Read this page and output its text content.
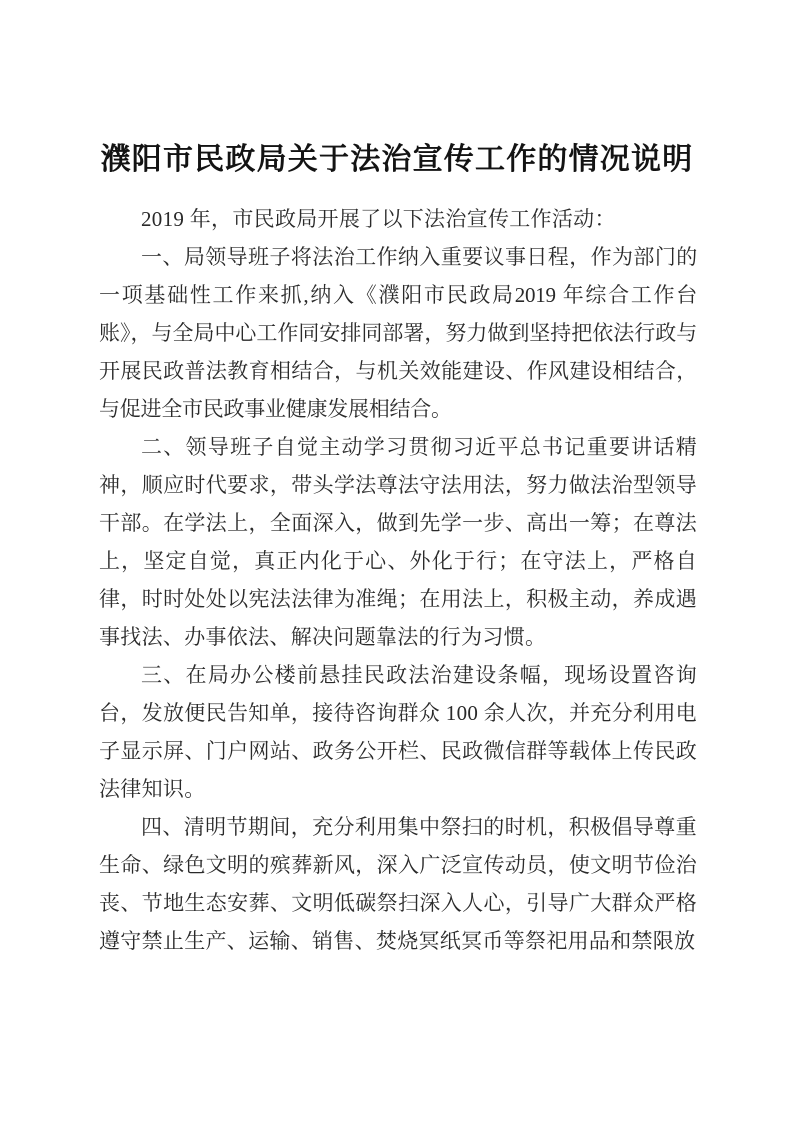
濮阳市民政局关于法治宣传工作的情况说明

2019 年，市民政局开展了以下法治宣传工作活动：

一、局领导班子将法治工作纳入重要议事日程，作为部门的一项基础性工作来抓,纳入《濮阳市民政局2019 年综合工作台账》，与全局中心工作同安排同部署，努力做到坚持把依法行政与开展民政普法教育相结合，与机关效能建设、作风建设相结合，与促进全市民政事业健康发展相结合。

二、领导班子自觉主动学习贯彻习近平总书记重要讲话精神，顺应时代要求，带头学法尊法守法用法，努力做法治型领导干部。在学法上，全面深入，做到先学一步、高出一筹；在尊法上，坚定自觉，真正内化于心、外化于行；在守法上，严格自律，时时处处以宪法法律为准绳；在用法上，积极主动，养成遇事找法、办事依法、解决问题靠法的行为习惯。

三、在局办公楼前悬挂民政法治建设条幅，现场设置咨询台，发放便民告知单，接待咨询群众 100 余人次，并充分利用电子显示屏、门户网站、政务公开栏、民政微信群等载体上传民政法律知识。

四、清明节期间，充分利用集中祭扫的时机，积极倡导尊重生命、绿色文明的殡葬新风，深入广泛宣传动员，使文明节俭治丧、节地生态安葬、文明低碳祭扫深入人心，引导广大群众严格遵守禁止生产、运输、销售、焚烧冥纸冥币等祭祀用品和禁限放
